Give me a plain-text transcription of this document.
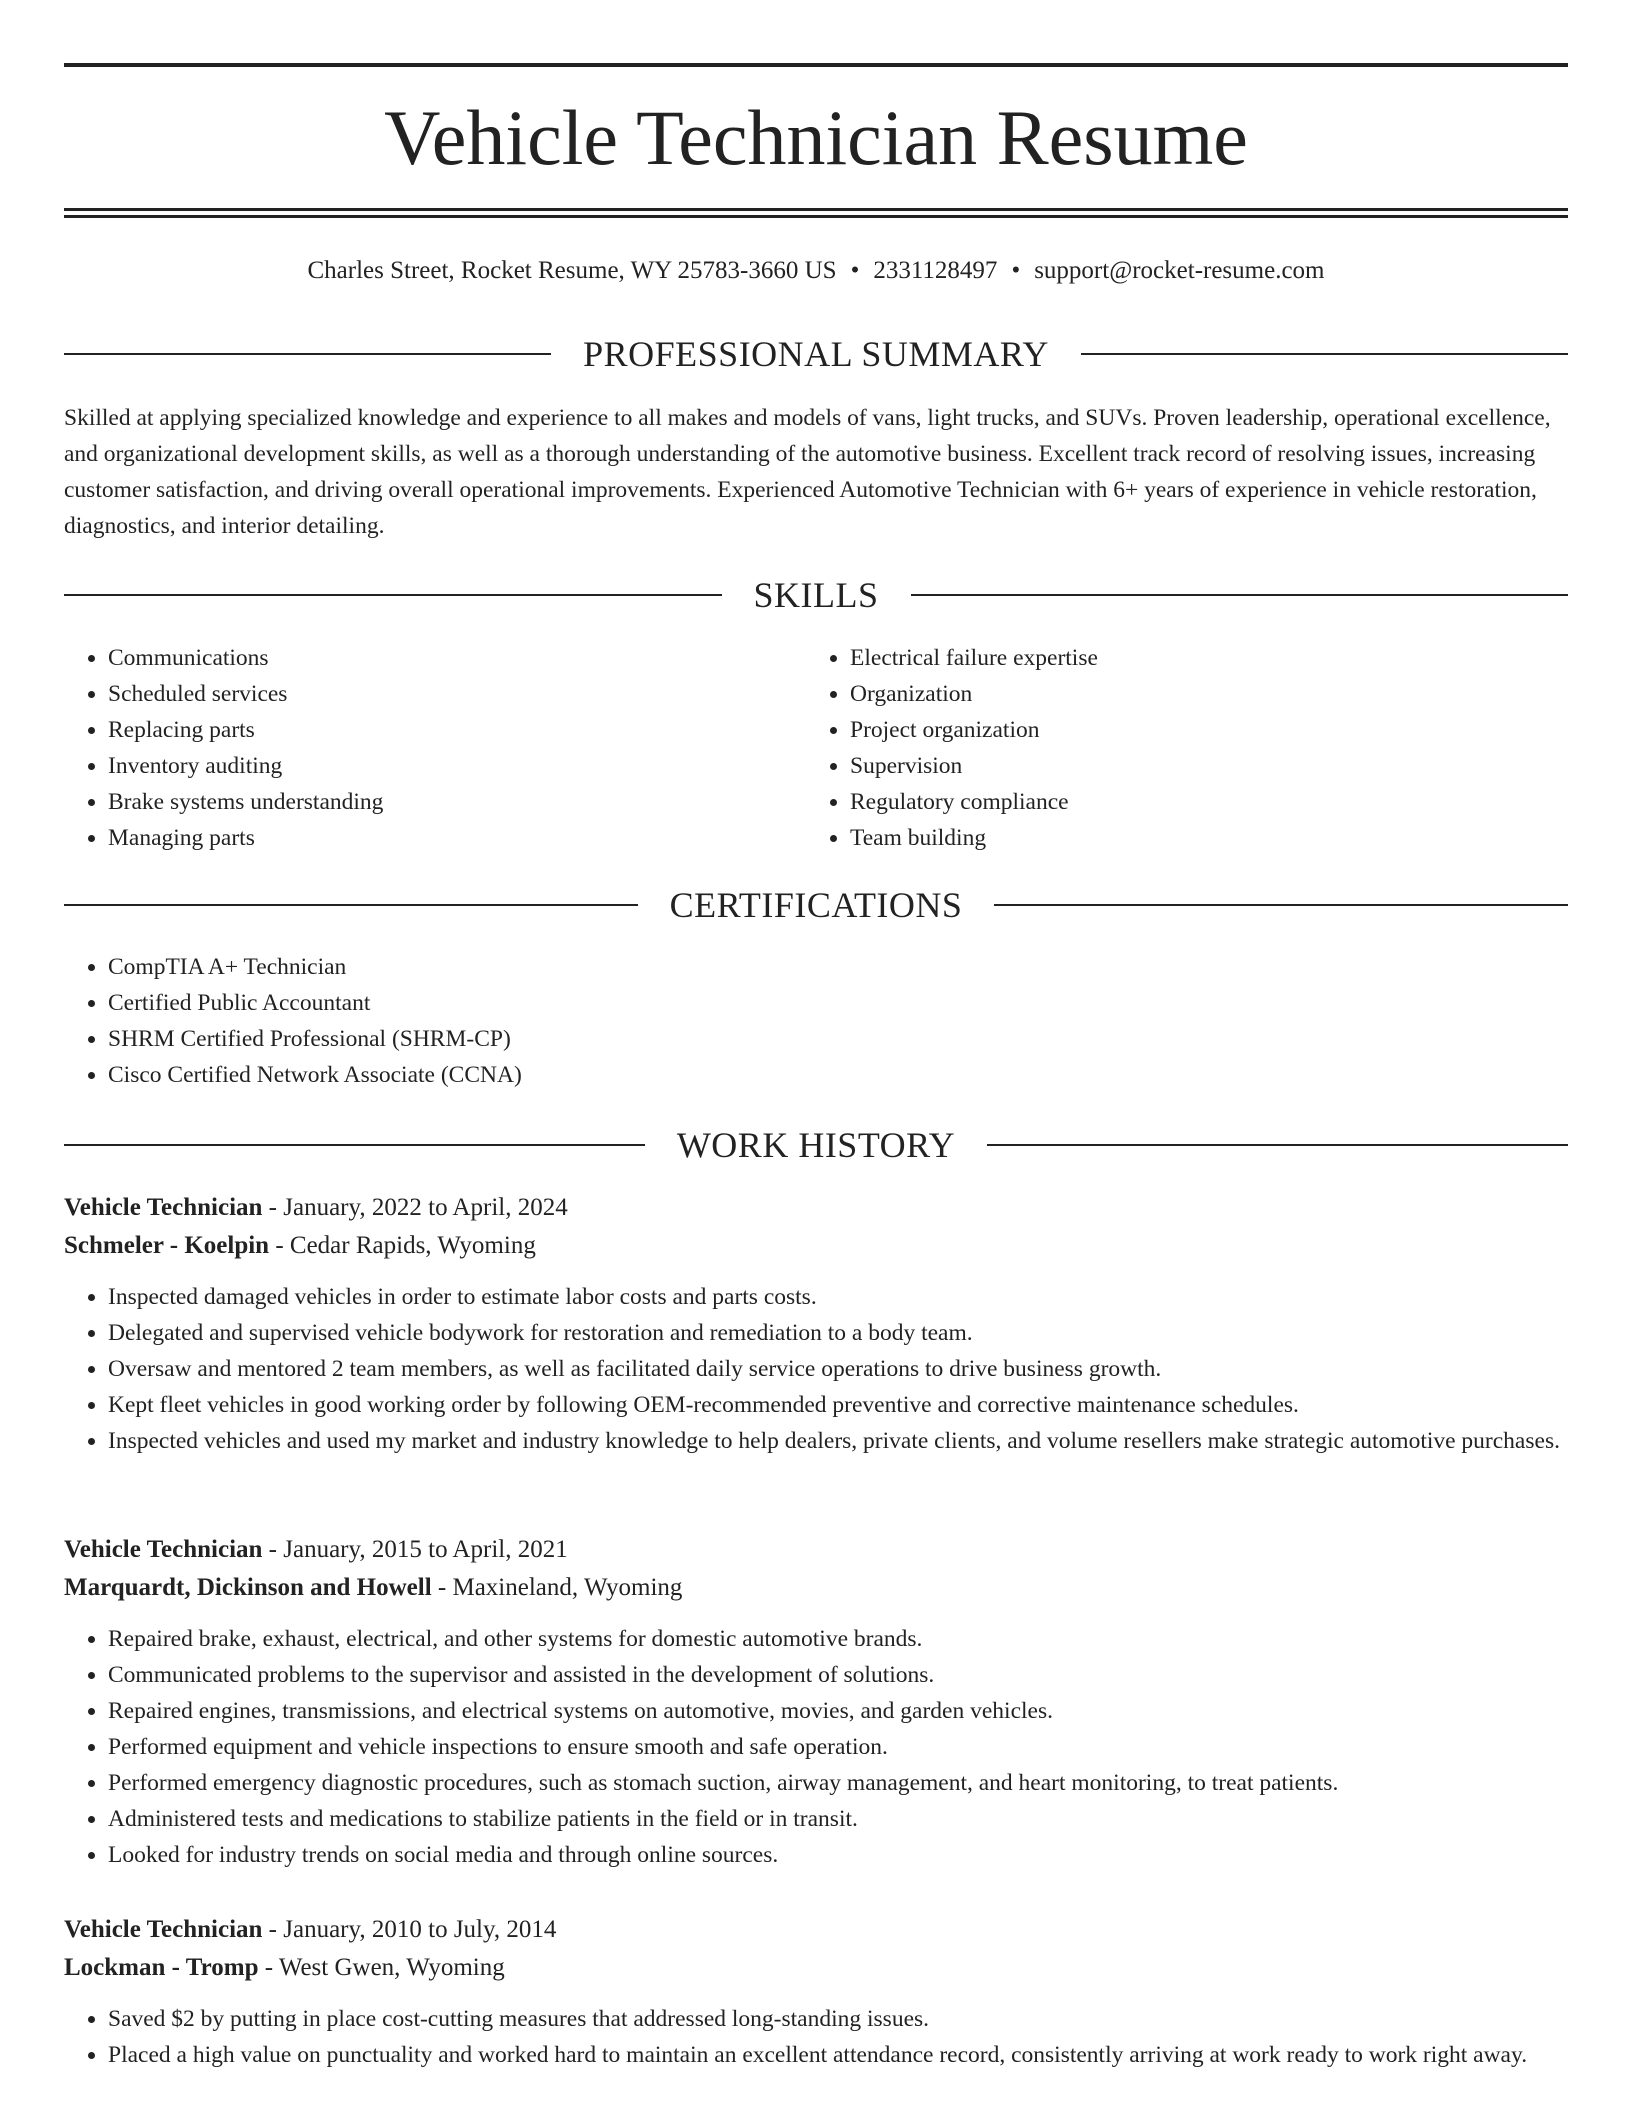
Vehicle Technician Resume
Charles Street, Rocket Resume, WY 25783-3660 US • 2331128497 • support@rocket-resume.com
PROFESSIONAL SUMMARY

Skilled at applying specialized knowledge and experience to all makes and models of vans, light trucks, and SUVs. Proven leadership, operational excellence, and organizational development skills, as well as a thorough understanding of the automotive business. Excellent track record of resolving issues, increasing customer satisfaction, and driving overall operational improvements. Experienced Automotive Technician with 6+ years of experience in vehicle restoration, diagnostics, and interior detailing.

SKILLS
• Communications
• Scheduled services
• Replacing parts
• Inventory auditing
• Brake systems understanding
• Managing parts
• Electrical failure expertise
• Organization
• Project organization
• Supervision
• Regulatory compliance
• Team building
CERTIFICATIONS
• CompTIA A+ Technician
• Certified Public Accountant
• SHRM Certified Professional (SHRM-CP)
• Cisco Certified Network Associate (CCNA)
WORK HISTORY
Vehicle Technician - January, 2022 to April, 2024
Schmeler - Koelpin - Cedar Rapids, Wyoming
• Inspected damaged vehicles in order to estimate labor costs and parts costs.
• Delegated and supervised vehicle bodywork for restoration and remediation to a body team.
• Oversaw and mentored 2 team members, as well as facilitated daily service operations to drive business growth.
• Kept fleet vehicles in good working order by following OEM-recommended preventive and corrective maintenance schedules.
• Inspected vehicles and used my market and industry knowledge to help dealers, private clients, and volume resellers make strategic automotive purchases.
Vehicle Technician - January, 2015 to April, 2021
Marquardt, Dickinson and Howell - Maxineland, Wyoming
• Repaired brake, exhaust, electrical, and other systems for domestic automotive brands.
• Communicated problems to the supervisor and assisted in the development of solutions.
• Repaired engines, transmissions, and electrical systems on automotive, movies, and garden vehicles.
• Performed equipment and vehicle inspections to ensure smooth and safe operation.
• Performed emergency diagnostic procedures, such as stomach suction, airway management, and heart monitoring, to treat patients.
• Administered tests and medications to stabilize patients in the field or in transit.
• Looked for industry trends on social media and through online sources.
Vehicle Technician - January, 2010 to July, 2014
Lockman - Tromp - West Gwen, Wyoming
• Saved $2 by putting in place cost-cutting measures that addressed long-standing issues.
• Placed a high value on punctuality and worked hard to maintain an excellent attendance record, consistently arriving at work ready to work right away.
